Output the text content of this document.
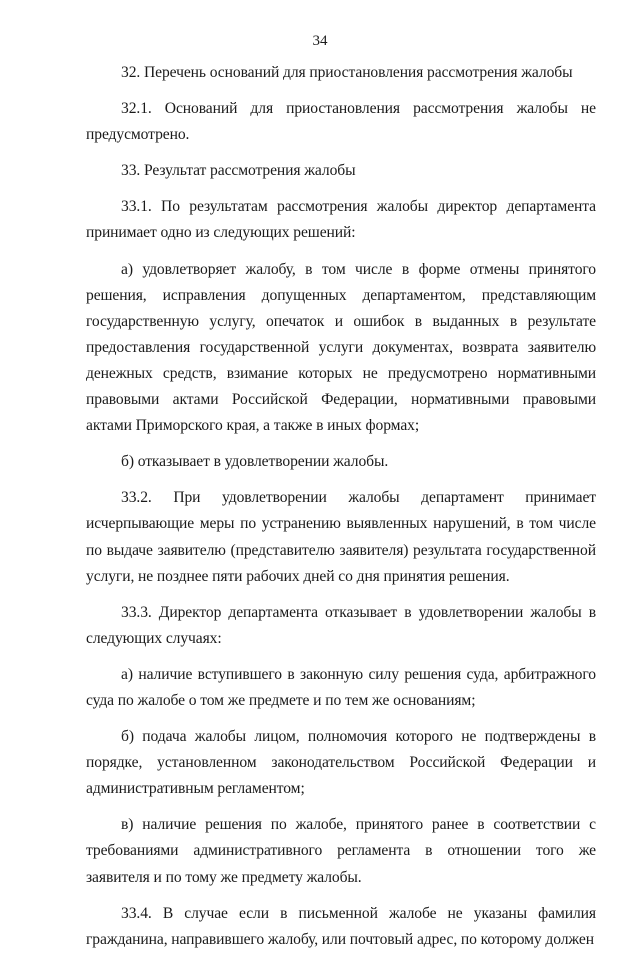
34

32. Перечень оснований для приостановления рассмотрения жалобы

32.1. Оснований для приостановления рассмотрения жалобы не предусмотрено.

33. Результат рассмотрения жалобы

33.1. По результатам рассмотрения жалобы директор департамента принимает одно из следующих решений:

а) удовлетворяет жалобу, в том числе в форме отмены принятого решения, исправления допущенных департаментом, представляющим государственную услугу, опечаток и ошибок в выданных в результате предоставления государственной услуги документах, возврата заявителю денежных средств, взимание которых не предусмотрено нормативными правовыми актами Российской Федерации, нормативными правовыми актами Приморского края, а также в иных формах;

б) отказывает в удовлетворении жалобы.

33.2. При удовлетворении жалобы департамент принимает исчерпывающие меры по устранению выявленных нарушений, в том числе по выдаче заявителю (представителю заявителя) результата государственной услуги, не позднее пяти рабочих дней со дня принятия решения.

33.3. Директор департамента отказывает в удовлетворении жалобы в следующих случаях:

а) наличие вступившего в законную силу решения суда, арбитражного суда по жалобе о том же предмете и по тем же основаниям;

б) подача жалобы лицом, полномочия которого не подтверждены в порядке, установленном законодательством Российской Федерации и административным регламентом;

в) наличие решения по жалобе, принятого ранее в соответствии с требованиями административного регламента в отношении того же заявителя и по тому же предмету жалобы.

33.4. В случае если в письменной жалобе не указаны фамилия гражданина, направившего жалобу, или почтовый адрес, по которому должен
